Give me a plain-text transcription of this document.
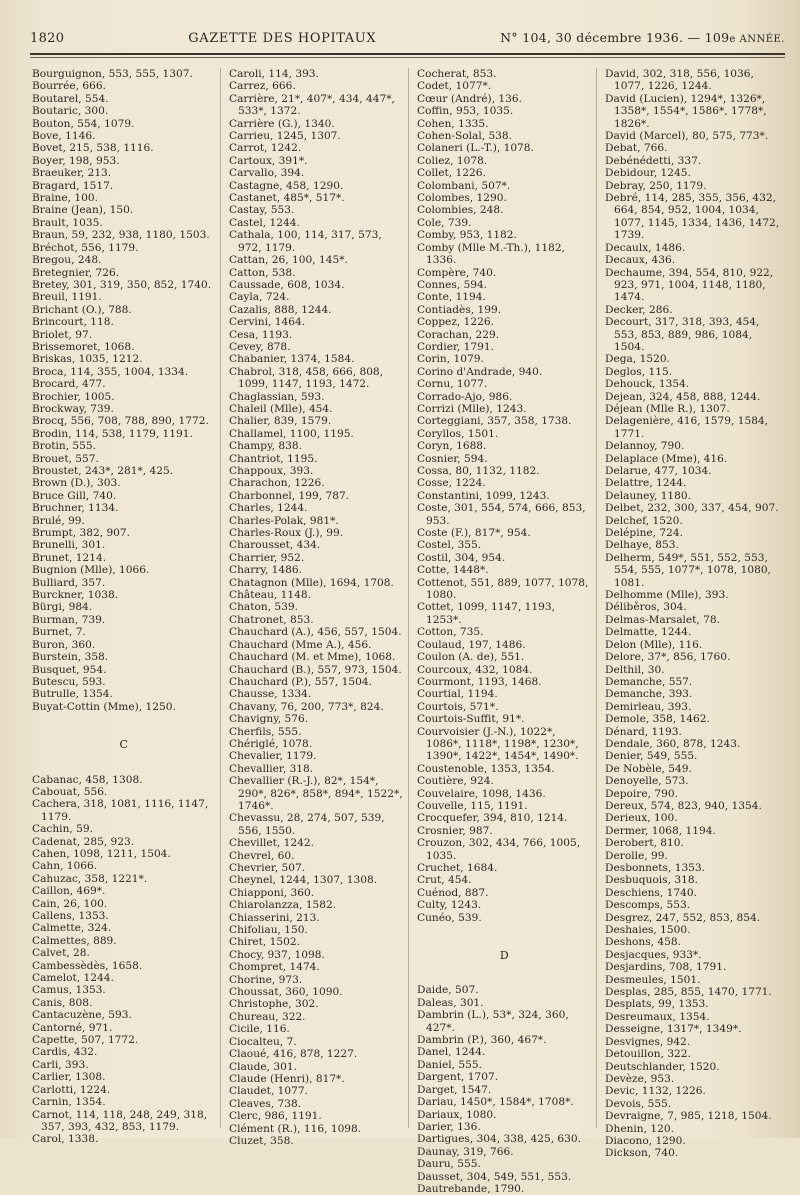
1820	GAZETTE DES HOPITAUX	N° 104, 30 décembre 1936. — 109e ANNÉE.
Bourguignon, 553, 555, 1307.
Bourrée, 666.
Boutarel, 554.
Boutaric, 300.
Bouton, 554, 1079.
Bove, 1146.
Bovet, 215, 538, 1116.
Boyer, 198, 953.
Braeuker, 213.
Bragard, 1517.
Braine, 100.
Braine (Jean), 150.
Brault, 1035.
Braun, 59, 232, 938, 1180, 1503.
Bréchot, 556, 1179.
Bregou, 248.
Bretegnier, 726.
Bretey, 301, 319, 350, 852, 1740.
Breuil, 1191.
Brichant (O.), 788.
Brincourt, 118.
Briolet, 97.
Brissemoret, 1068.
Briskas, 1035, 1212.
Broca, 114, 355, 1004, 1334.
Brocard, 477.
Brochier, 1005.
Brockway, 739.
Brocq, 556, 708, 788, 890, 1772.
Brodin, 114, 538, 1179, 1191.
Brotin, 555.
Brouet, 557.
Broustet, 243*, 281*, 425.
Brown (D.), 303.
Bruce Gill, 740.
Bruchner, 1134.
Brulé, 99.
Brumpt, 382, 907.
Brunelli, 301.
Brunet, 1214.
Bugnion (Mlle), 1066.
Bulliard, 357.
Burckner, 1038.
Bürgi, 984.
Burman, 739.
Burnet, 7.
Buron, 360.
Burstein, 358.
Busquet, 954.
Butescu, 593.
Butrulle, 1354.
Buyat-Cottin (Mme), 1250.
C
Cabanac, 458, 1308.
Cabouat, 556.
Cachera, 318, 1081, 1116, 1147, 1179.
Cachin, 59.
Cadenat, 285, 923.
Cahen, 1098, 1211, 1504.
Cahn, 1066.
Cahuzac, 358, 1221*.
Caillon, 469*.
Cain, 26, 100.
Callens, 1353.
Calmette, 324.
Calmettes, 889.
Calvet, 28.
Cambessèdès, 1658.
Camelot, 1244.
Camus, 1353.
Canis, 808.
Cantacuzène, 593.
Cantorné, 971.
Capette, 507, 1772.
Cardis, 432.
Carli, 393.
Carlier, 1308.
Carlotti, 1224.
Carnin, 1354.
Carnot, 114, 118, 248, 249, 318, 357, 393, 432, 853, 1179.
Carol, 1338.
Caroli, 114, 393.
Carrez, 666.
Carrière, 21*, 407*, 434, 447*, 533*, 1372.
Carrière (G.), 1340.
Carrieu, 1245, 1307.
Carrot, 1242.
Cartoux, 391*.
Carvallo, 394.
Castagne, 458, 1290.
Castanet, 485*, 517*.
Castay, 553.
Castel, 1244.
Cathala, 100, 114, 317, 573, 972, 1179.
Cattan, 26, 100, 145*.
Catton, 538.
Caussade, 608, 1034.
Cayla, 724.
Cazalis, 888, 1244.
Cervini, 1464.
Cesa, 1193.
Cevey, 878.
Chabanier, 1374, 1584.
Chabrol, 318, 458, 666, 808, 1099, 1147, 1193, 1472.
Chaglassian, 593.
Chaleil (Mlle), 454.
Chalier, 839, 1579.
Challamel, 1100, 1195.
Champy, 838.
Chantriot, 1195.
Chappoux, 393.
Charachon, 1226.
Charbonnel, 199, 787.
Charles, 1244.
Charles-Polak, 981*.
Charles-Roux (J.), 99.
Charousset, 434.
Charrier, 952.
Charry, 1486.
Chatagnon (Mlle), 1694, 1708.
Château, 1148.
Chaton, 539.
Chatronet, 853.
Chauchard (A.), 456, 557, 1504.
Chauchard (Mme A.), 456.
Chauchard (M. et Mme), 1068.
Chauchard (B.), 557, 973, 1504.
Chauchard (P.), 557, 1504.
Chausse, 1334.
Chavany, 76, 200, 773*, 824.
Chavigny, 576.
Cherfils, 555.
Chériglé, 1078.
Chevalier, 1179.
Chevallier, 318.
Chevallier (R.-J.), 82*, 154*, 290*, 826*, 858*, 894*, 1522*, 1746*.
Chevassu, 28, 274, 507, 539, 556, 1550.
Chevillet, 1242.
Chevrel, 60.
Chevrier, 507.
Cheynel, 1244, 1307, 1308.
Chiapponi, 360.
Chiarolanzza, 1582.
Chiasserini, 213.
Chifoliau, 150.
Chiret, 1502.
Chocy, 937, 1098.
Chompret, 1474.
Chorine, 973.
Choussat, 360, 1090.
Christophe, 302.
Chureau, 322.
Cicile, 116.
Ciocalteu, 7.
Claoué, 416, 878, 1227.
Claude, 301.
Claude (Henri), 817*.
Claudet, 1077.
Cleaves, 738.
Clerc, 986, 1191.
Clément (R.), 116, 1098.
Cluzet, 358.
Cocherat, 853.
Codet, 1077*.
Cœur (André), 136.
Coffin, 953, 1035.
Cohen, 1335.
Cohen-Solal, 538.
Colaneri (L.-T.), 1078.
Coliez, 1078.
Collet, 1226.
Colombani, 507*.
Colombes, 1290.
Colombies, 248.
Cole, 739.
Comby, 953, 1182.
Comby (Mlle M.-Th.), 1182, 1336.
Compère, 740.
Connes, 594.
Conte, 1194.
Contiadès, 199.
Coppez, 1226.
Corachan, 229.
Cordier, 1791.
Corin, 1079.
Corino d'Andrade, 940.
Cornu, 1077.
Corrado-Ajo, 986.
Corrizi (Mlle), 1243.
Corteggiani, 357, 358, 1738.
Coryllos, 1501.
Coryn, 1688.
Cosnier, 594.
Cossa, 80, 1132, 1182.
Cosse, 1224.
Constantini, 1099, 1243.
Coste, 301, 554, 574, 666, 853, 953.
Coste (F.), 817*, 954.
Costel, 355.
Costil, 304, 954.
Cotte, 1448*.
Cottenot, 551, 889, 1077, 1078, 1080.
Cottet, 1099, 1147, 1193, 1253*.
Cotton, 735.
Coulaud, 197, 1486.
Coulon (A. de), 551.
Courcoux, 432, 1084.
Courmont, 1193, 1468.
Courtial, 1194.
Courtois, 571*.
Courtois-Suffit, 91*.
Courvoisier (J.-N.), 1022*, 1086*, 1118*, 1198*, 1230*, 1390*, 1422*, 1454*, 1490*.
Coustenoble, 1353, 1354.
Coutière, 924.
Couvelaire, 1098, 1436.
Couvelle, 115, 1191.
Crocquefer, 394, 810, 1214.
Crosnier, 987.
Crouzon, 302, 434, 766, 1005, 1035.
Cruchet, 1684.
Crut, 454.
Cuénod, 887.
Culty, 1243.
Cunéo, 539.
D
Daide, 507.
Daleas, 301.
Dambrin (L.), 53*, 324, 360, 427*.
Dambrin (P.), 360, 467*.
Danel, 1244.
Daniel, 555.
Dargent, 1707.
Darget, 1547.
Dariau, 1450*, 1584*, 1708*.
Dariaux, 1080.
Darier, 136.
Dartigues, 304, 338, 425, 630.
Daunay, 319, 766.
Dauru, 555.
Dausset, 304, 549, 551, 553.
Dautrebande, 1790.
David, 302, 318, 556, 1036, 1077, 1226, 1244.
David (Lucien), 1294*, 1326*, 1358*, 1554*, 1586*, 1778*, 1826*.
David (Marcel), 80, 575, 773*.
Debat, 766.
Debénédetti, 337.
Debidour, 1245.
Debray, 250, 1179.
Debré, 114, 285, 355, 356, 432, 664, 854, 952, 1004, 1034, 1077, 1145, 1334, 1436, 1472, 1739.
Decaulx, 1486.
Decaux, 436.
Dechaume, 394, 554, 810, 922, 923, 971, 1004, 1148, 1180, 1474.
Decker, 286.
Decourt, 317, 318, 393, 454, 553, 853, 889, 986, 1084, 1504.
Dega, 1520.
Deglos, 115.
Dehouck, 1354.
Dejean, 324, 458, 888, 1244.
Déjean (Mlle R.), 1307.
Delagenière, 416, 1579, 1584, 1771.
Delannoy, 790.
Delaplace (Mme), 416.
Delarue, 477, 1034.
Delattre, 1244.
Delauney, 1180.
Delbet, 232, 300, 337, 454, 907.
Delchef, 1520.
Delépine, 724.
Delhaye, 853.
Delherm, 549*, 551, 552, 553, 554, 555, 1077*, 1078, 1080, 1081.
Delhomme (Mlle), 393.
Déliběros, 304.
Delmas-Marsalet, 78.
Delmatte, 1244.
Delon (Mlle), 116.
Delore, 37*, 856, 1760.
Delthil, 30.
Demanche, 557.
Demanche, 393.
Demirleau, 393.
Demole, 358, 1462.
Dénard, 1193.
Dendale, 360, 878, 1243.
Denier, 549, 555.
De Nobèle, 549.
Denoyelle, 573.
Depoire, 790.
Dereux, 574, 823, 940, 1354.
Derieux, 100.
Dermer, 1068, 1194.
Derobert, 810.
Derolle, 99.
Desbonnets, 1353.
Desbuquois, 318.
Deschiens, 1740.
Descomps, 553.
Desgrez, 247, 552, 853, 854.
Deshaies, 1500.
Deshons, 458.
Desjacques, 933*.
Desjardins, 708, 1791.
Desmeules, 1501.
Desplas, 285, 855, 1470, 1771.
Desplats, 99, 1353.
Desreumaux, 1354.
Desseigne, 1317*, 1349*.
Desvignes, 942.
Detouillon, 322.
Deutschlander, 1520.
Devèze, 953.
Devic, 1132, 1226.
Devois, 555.
Devraigne, 7, 985, 1218, 1504.
Dhenin, 120.
Diacono, 1290.
Dickson, 740.
